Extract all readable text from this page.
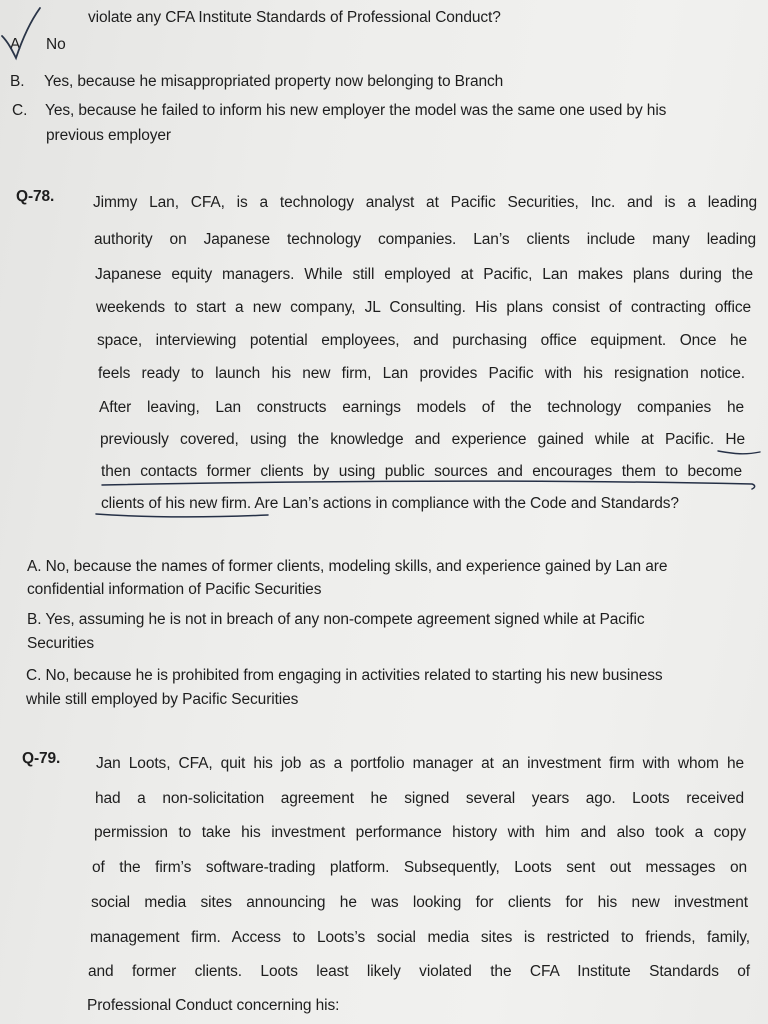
violate any CFA Institute Standards of Professional Conduct?
A No
B. Yes, because he misappropriated property now belonging to Branch
C. Yes, because he failed to inform his new employer the model was the same one used by his
previous employer
Q-78. Jimmy Lan, CFA, is a technology analyst at Pacific Securities, Inc. and is a leading
authority on Japanese technology companies. Lan’s clients include many leading
Japanese equity managers. While still employed at Pacific, Lan makes plans during the
weekends to start a new company, JL Consulting. His plans consist of contracting office
space, interviewing potential employees, and purchasing office equipment. Once he
feels ready to launch his new firm, Lan provides Pacific with his resignation notice.
After leaving, Lan constructs earnings models of the technology companies he
previously covered, using the knowledge and experience gained while at Pacific. He
then contacts former clients by using public sources and encourages them to become
clients of his new firm. Are Lan’s actions in compliance with the Code and Standards?
A. No, because the names of former clients, modeling skills, and experience gained by Lan are
confidential information of Pacific Securities
B. Yes, assuming he is not in breach of any non-compete agreement signed while at Pacific
Securities
C. No, because he is prohibited from engaging in activities related to starting his new business
while still employed by Pacific Securities
Q-79. Jan Loots, CFA, quit his job as a portfolio manager at an investment firm with whom he
had a non-solicitation agreement he signed several years ago. Loots received
permission to take his investment performance history with him and also took a copy
of the firm’s software-trading platform. Subsequently, Loots sent out messages on
social media sites announcing he was looking for clients for his new investment
management firm. Access to Loots’s social media sites is restricted to friends, family,
and former clients. Loots least likely violated the CFA Institute Standards of
Professional Conduct concerning his:
